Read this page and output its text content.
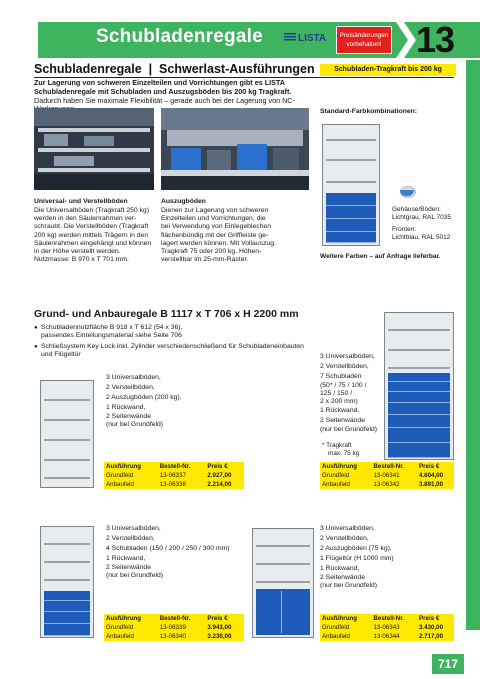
Schubladenregale	LISTA	Preisänderungen
vorbehalten! 13
Schubladenregale  |  Schwerlast-Ausführungen
Zur Lagerung von schweren Einzelteilen und Vorrichtungen gibt es LISTA Schubladenregale mit Schubladen und Auszugsböden bis 200 kg Tragkraft. Dadurch haben Sie maximale Flexibilität – gerade auch bei der Lagerung von NC-
Schubladen-Tragkraft bis 200 kg
Standard-Farbkombinationen:
Gehäuse/Böden:
Lichtgrau, RAL 7035
Fronten:
Lichtblau, RAL 5012
Weitere Farben – auf Anfrage lieferbar.
Universal- und Verstellböden
Die Universalböden (Tragkraft 250 kg)
werden in den Säulenrahmen ver-
schraubt. Die Verstellböden (Tragkraft
200 kg) werden mittels Trägern in den
Säulenrahmen eingehängt und können
in der Höhe verstellt werden.
Nutzmasse: B 970 x T 701 mm.
Auszugböden
Dienen zur Lagerung von schweren
Einzelteilen und Vorrichtungen, die
bei Verwendung von Einlegeblechen
flächenbündig mit der Griffleiste ge-
lagert werden können. Mit Vollauszug.
Tragkraft 75 oder 200 kg. Höhen-
verstellbar im 25-mm-Raster.
Grund- und Anbauregale B 1117 x T 706 x H 2200 mm
● Schubladennutzfläche B 918 x T 612 (54 x 36),
passendes Einteilungsmaterial siehe Seite 706
● Schließsystem Key Lock inkl. Zylinder verschiedenschließend für Schubladeneinbauten
und Flügeltür
3 Universalböden,
2 Verstellböden,
2 Auszugböden (200 kg),
1 Rückwand,
2 Seitenwände
(nur bei Grundfeld)
Ausführung	Bestell-Nr.	Preis €
Grundfeld	13-06337	2.927,00
Anbaufeld	13-06338	2.214,00
3 Universalböden,
2 Verstellböden,
7 Schubladen
(50* / 75 / 100 /
125 / 150 /
2 x 200 mm)
1 Rückwand,
2 Seitenwände
(nur bei Grundfeld)
* Tragkraft
max. 75 kg
Ausführung	Bestell-Nr.	Preis €
Grundfeld	13-06341	4.604,00
Anbaufeld	13-06342	3.891,00
3 Universalböden,
2 Verstellböden,
4 Schubladen (150 / 200 / 250 / 300 mm)
1 Rückwand,
2 Seitenwände
(nur bei Grundfeld)
Ausführung	Bestell-Nr.	Preis €
Grundfeld	13-06339	3.943,00
Anbaufeld	13-06340	3.230,00
3 Universalböden,
2 Verstellböden,
2 Auszugböden (75 kg),
1 Flügeltür (H 1000 mm)
1 Rückwand,
2 Seitenwände
(nur bei Grundfeld)
Ausführung	Bestell-Nr.	Preis €
Grundfeld	13-06343	3.430,00
Anbaufeld	13-06344	2.717,00
717
